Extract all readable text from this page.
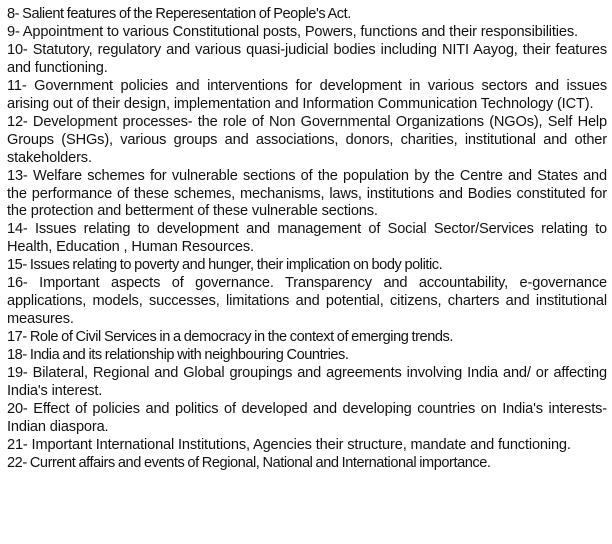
8- Salient features of the Reperesentation of People's Act.

9- Appointment to various Constitutional posts, Powers, functions and their responsibilities.

10- Statutory, regulatory and various quasi-judicial bodies including NITI Aayog, their features and functioning.

11- Government policies and interventions for development in various sectors and issues arising out of their design, implementation and Information Communication Technology (ICT).

12- Development processes- the role of Non Governmental Organizations (NGOs), Self Help Groups (SHGs), various groups and associations, donors, charities, institutional and other stakeholders.

13- Welfare schemes for vulnerable sections of the population by the Centre and States and the performance of these schemes, mechanisms, laws, institutions and Bodies constituted for the protection and betterment of these vulnerable sections.

14- Issues relating to development and management of Social Sector/Services relating to Health, Education , Human Resources.

15- Issues relating to poverty and hunger, their implication on body politic.

16- Important aspects of governance. Transparency and accountability, e-governance applications, models, successes, limitations and potential, citizens, charters and institutional measures.

17- Role of Civil Services in a democracy in the context of emerging trends.

18- India and its relationship with neighbouring Countries.

19- Bilateral, Regional and Global groupings and agreements involving India and/ or affecting India's interest.

20- Effect of policies and politics of developed and developing countries on India's interests- Indian diaspora.

21- Important International Institutions, Agencies their structure, mandate and functioning.

22- Current affairs and events of Regional, National and International importance.
